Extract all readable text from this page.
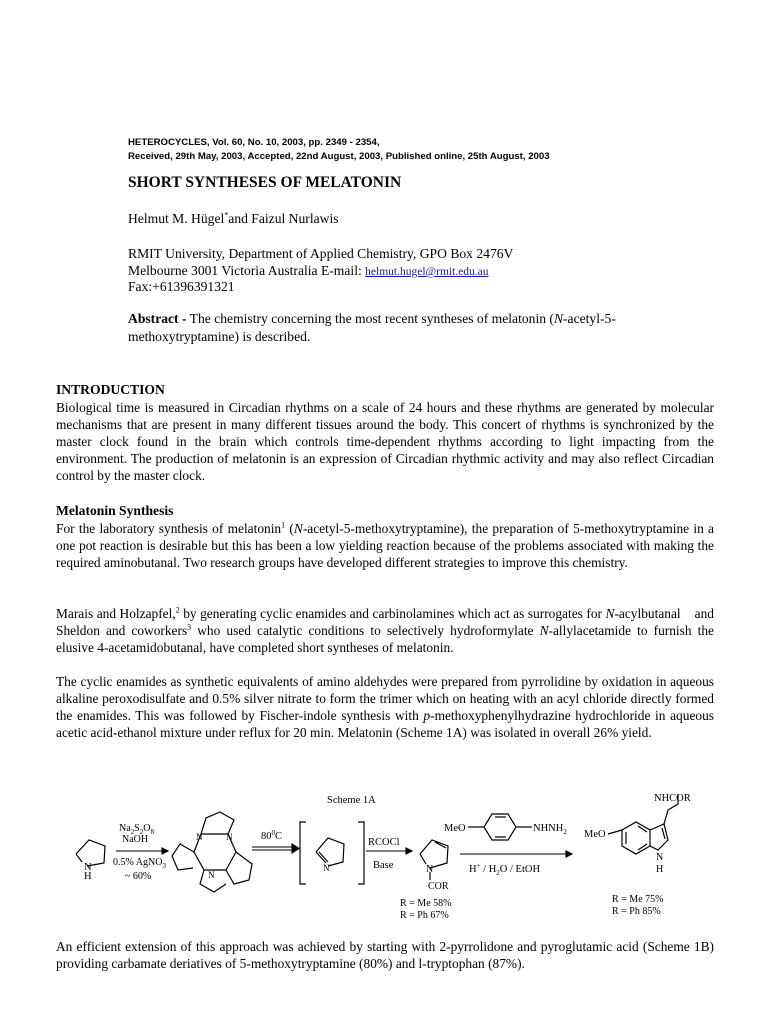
HETEROCYCLES, Vol. 60, No. 10, 2003, pp. 2349 - 2354,
Received, 29th May, 2003, Accepted, 22nd August, 2003, Published online, 25th August, 2003
SHORT SYNTHESES OF MELATONIN
Helmut M. Hügel*and Faizul Nurlawis
RMIT University, Department of Applied Chemistry, GPO Box 2476V
Melbourne 3001 Victoria Australia E-mail: helmut.hugel@rmit.edu.au
Fax:+61396391321
Abstract - The chemistry concerning the most recent syntheses of melatonin (N-acetyl-5-methoxytryptamine) is described.
INTRODUCTION
Biological time is measured in Circadian rhythms on a scale of 24 hours and these rhythms are generated by molecular mechanisms that are present in many different tissues around the body. This concert of rhythms is synchronized by the master clock found in the brain which controls time-dependent rhythms according to light impacting from the environment. The production of melatonin is an expression of Circadian rhythmic activity and may also reflect Circadian control by the master clock.
Melatonin Synthesis
For the laboratory synthesis of melatonin$^1$ (N-acetyl-5-methoxytryptamine), the preparation of 5-methoxytryptamine in a one pot reaction is desirable but this has been a low yielding reaction because of the problems associated with making the required aminobutanal. Two research groups have developed different strategies to improve this chemistry.
Marais and Holzapfel,$^2$ by generating cyclic enamides and carbinolamines which act as surrogates for N-acylbutanal    and Sheldon and coworkers$^3$ who used catalytic conditions to selectively hydroformylate N-allylacetamide to furnish the elusive 4-acetamidobutanal, have completed short syntheses of melatonin.
The cyclic enamides as synthetic equivalents of amino aldehydes were prepared from pyrrolidine by oxidation in aqueous alkaline peroxodisulfate and 0.5% silver nitrate to form the trimer which on heating with an acyl chloride directly formed the enamides. This was followed by Fischer-indole synthesis with p-methoxyphenylhydrazine hydrochloride in aqueous acetic acid-ethanol mixture under reflux for 20 min. Melatonin (Scheme 1A) was isolated in overall 26% yield.
Scheme 1A
N
H
$Na_2S_2O_8$
NaOH
0.5% AgNO$_3$
~ 60%
N	N
N
$80^0C$
N
RCOCl
Base	N
COR
R = Me 58%
R = Ph 67%
MeO	$NHNH_2$
$H^+ / H_2O$ / EtOH
MeO
NHCOR
N
H
R = Me 75%
R = Ph 85%
An efficient extension of this approach was achieved by starting with 2-pyrrolidone and pyroglutamic acid (Scheme 1B) providing carbamate deriatives of 5-methoxytryptamine (80%) and l-tryptophan (87%).
